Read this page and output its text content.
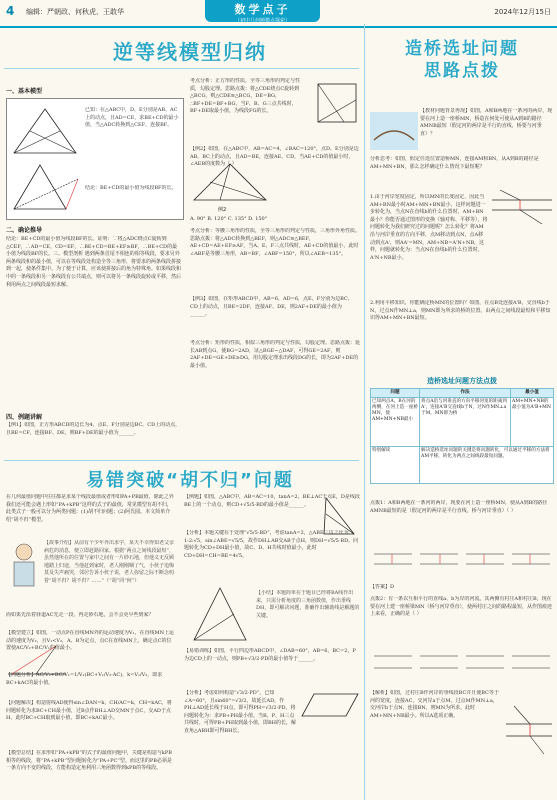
4 编辑：严朝政、何秋虎、王敢华	数学点子
（初中几何题模点探索）
2024年12月15日
逆等线模型归纳
一、基本模型
已知：在△ABC中，D、E分别是AB、AC上的动点，且AD=CE，求BE+CD的最小值，当△ADC转换到△CEF，连接BF。
结论：BE+CD的最小值为线段BF的长。
二、确论推导
结论：BE+CD的最小值为线段BF的长。证明：∵将△ADC绕点C旋转到△CEF，∴AD=CE，CD=EF，∴BE+CD=BE+EF≥BF，∴BE+CD的最小值为线段BF的长。三、模型剖析 遇到两条首尾不相连的相等线段，要求另外两条线段和的最小值，可以在等线段处构造全等三角形，将要求的两条线段拼接到一起，使条件集中。为了便于计算，应该使拼接后的角为特殊角。如果线段和中的一条线段和另一条线段有公共端点，则可以将另一条线段旋转或平移，然后利用两点之间线段最短求解。
四、例题讲解
【例1】如图，正方形ABCD的边长为4，点E、F分别是边BC、CD上的动点，且BE=CF，连接BF、DE，则BF+DE的最小值为______。
考点分析：正方形的性质，全等三角形的判定与性质，勾股定理。思路点拨：将△CDE绕点C旋转到△BCG，则△CDE≌△BCG，DE=BG，∴BF+DE=BF+BG，当F、B、G三点共线时，BF+DE取最小值，为线段FG的长。
【例2】如图，在△ABC中，AB=AC=4，∠BAC=120°，点D、E分别是边AB、BC上的动点，且AD=BE，连接AE、CD，当AE+CD的值最小时，∠AEB的度数为（ ）
例2
A. 90° B. 120° C. 135° D. 150°
考点分析：等腰三角形的性质，全等三角形的判定与性质，三角形外角性质。思路点拨：将△ADC转换到△BEF，则△ADC≌△BEF，AE+CD=AE+EF≥AF，当A、E、F三点共线时，AE+CD的值最小，此时∠ABF是等腰三角形，AB=BF，∠ABF=150°，所以∠AEB=135°。
【例3】如图，在矩形ABCD中，AB=6，AD=6，点E、F分别为边BC、CD上的动点，且BE=2DF，连接AF、DE，则2AF+DE的最小值为______。
考点分析：矩形的性质，相似三角形的判定与性质，勾股定理。思路点拨：延长AB到点G，使BG=2AD，证△BGE∽△DAF，可得GE=2AF，则2AF+DE=GE+DE≥DG，用勾股定理求出线段DG的长，即为2AF+DE的最小值。
易错突破“胡不归”问题
在几何最值问题中往往都是求某个线段最值或者形如PA+PB最值，除此之外我们还可能会遇上形如“PA+kPB”这样的式子的最值，常见模型有胡不归，此类式子一般可以分为两类问题：(1)胡不归问题；(2)阿氏圆。本文简单介绍“胡不归”模型。
【故事介绍】从前有个少年外出求学，某天不幸得知老父亲病危的消息，便立即赶路回家。根据“两点之间线段最短”，虽然他所在的位置与家中之间有一片砂石地，但他义无反顾地踏上归途，当他赶到家时，老人刚刚咽了气，小伙子追悔莫及失声痛哭，邻居告诉小伙子说，老人弥留之际不断念叨着“胡不归？胡不归？……”（“胡”同“何”）
而如果先沿着驿道AC先走一段，再走砂石地，会不会更早些到家？
【模型建立】如图，一动点P在直线MN外的运动速度为V₁，在直线MN上运动的速度为V₂，且V₁<V₂，A、B为定点，点C在直线MN上，确定点C的位置使AC/V₂+BC/V₁的值最小。
【问题分析】AC/V₂+BC/V₁=1/V₁(BC+V₁/V₂·AC)，k=V₁/V₂，即求BC+kAC的最小值。
【问题解决】构造射线AD使得sin∠DAN=k，CH/AC=k，CH=kAC，将问题转化为求BC+CH最小值，过B点作BH⊥AD交MN于点C，交AD于点H，此时BC+CH取到最小值，即BC+kAC最小。
【模型总结】在求形如“PA+kPB”的式子的最值问题中，关键是构造与kPB相等的线段，将“PA+kPB”型问题转化为“PA+PC”型。而这里的PB必须是一条方向不变的线段，方能构造定角利用三角函数得到kPB的等线段。
【例题】如图，△ABC中，AB=AC=10，tanA=2，BE⊥AC于点E，D是线段BE上的一个动点，则CD+√5/5·BD的最小值是______。
【分析】本题关键在于处理“√5/5·BD”，考虑tanA=2，△ABE三边之比为1:2:√5，sin∠ABE=√5/5，故作DH⊥AB交AB于点H，则DH=√5/5·BD。问题转化为CD+DH最小值，故C、D、H共线时值最小，此时CD+DH=CH=BE=4√5。
【小结】本题简单在于题目已经将BA线作出来，只需分析角度的三角函数值，作出垂线DH，即可解决问题，准确作出辅助线是解题的关键。
【易错训练】如图，平行四边形ABCD中，∠DAB=60°，AB=6，BC=2，P为边CD上的一动点，则PB+√3/2·PD的最小值等于______。
【分析】考虑如何构造“√3/2·PD”，已知∠A=60°，且sin60°=√3/2，故延长AD，作PH⊥AD延长线于H点，即可得PH=√3/2·PD，将问题转化为：求PB+PH最小值。当B、P、H三点共线时，可得PB+PH取到最小值，即BH的长，解直角△ABH即可得BH长。
造桥选址问题
思路点拨
【教材问题背景再现】如图，A和B两地在一条河的两岸，现要在河上造一座桥MN，桥造在何处可使从A到B的路径AMNB最短（假定河的两岸是平行的直线，桥要与河垂直）？
分析思考：如图，假定任选位置造桥MN，连接AM和BN，从A到B的路径是AM+MN+BN，那么怎样确定什么情况下最短呢？
1.由于河岸宽度固定，所以MN的长度固定，因此当AM+BN最小时AM+MN+BN最小，这样问题进一步转化为，当点N在直线b的什么位置时，AM+BN最小？你能否通过图形的变换（轴对称、平移等），将问题转化为我们研究过的问题呢？怎么转化？将AM沿与河岸垂直的方向平移，点M移动到点N，点A移动到点A'，则AA'=MN，AM+NB=A'N+NB，这样，问题就转化为：当点N在直线b的什么位置时，A'N+NB最小。
2.利用平移知识，你能确定桥MN的位置吗？如图，在点B处连接A'B，交直线b于N，过点N作MN⊥a，则MN即为所求的桥的位置。由两点之间线段最短和平移知识得AM+MN+BN最短。
造桥选址问题方法点拨
问题	作法	最小值
已知两点A、B在河的两侧，在河上造一座桥MN，使AM+MN+NB最小	将点A沿与河垂直的方向平移河宽的距离到A'，连接A'B交直线b于N，过N作MN⊥a于M，MN即为桥	AM+MN+NB的最小值为A'B+MN
特别解读	解决造桥选址问题的关键是将问题转化，可以通过平移的方法将AM平移，转化为两点之间线段最短问题。	
点拨1：A和B两地在一条河的两岸，现要在河上造一座桥MN，使从A到B的路径AMNB最短的是（假定河的两岸是平行直线，桥与河岸垂直）（ ）
【答案】D
点拨2：有一条以互相平行的直线a、b为岸的河流，其两侧有村庄A和村庄B，现在要在河上建一座桥梁MN（桥与河岸垂直），使两村庄之间的路程最短，从作图痕迹上来看，正确的是（ ）
【解析】如图，过村庄B作河岸的垂线段BC并且使BC等于河的宽度，连接AC，交河岸a于点M，过点M作MN⊥a，交河岸b于点N，连接BN，则MN为所求，此时AM+MN+NB最小。所以A选项正确。
